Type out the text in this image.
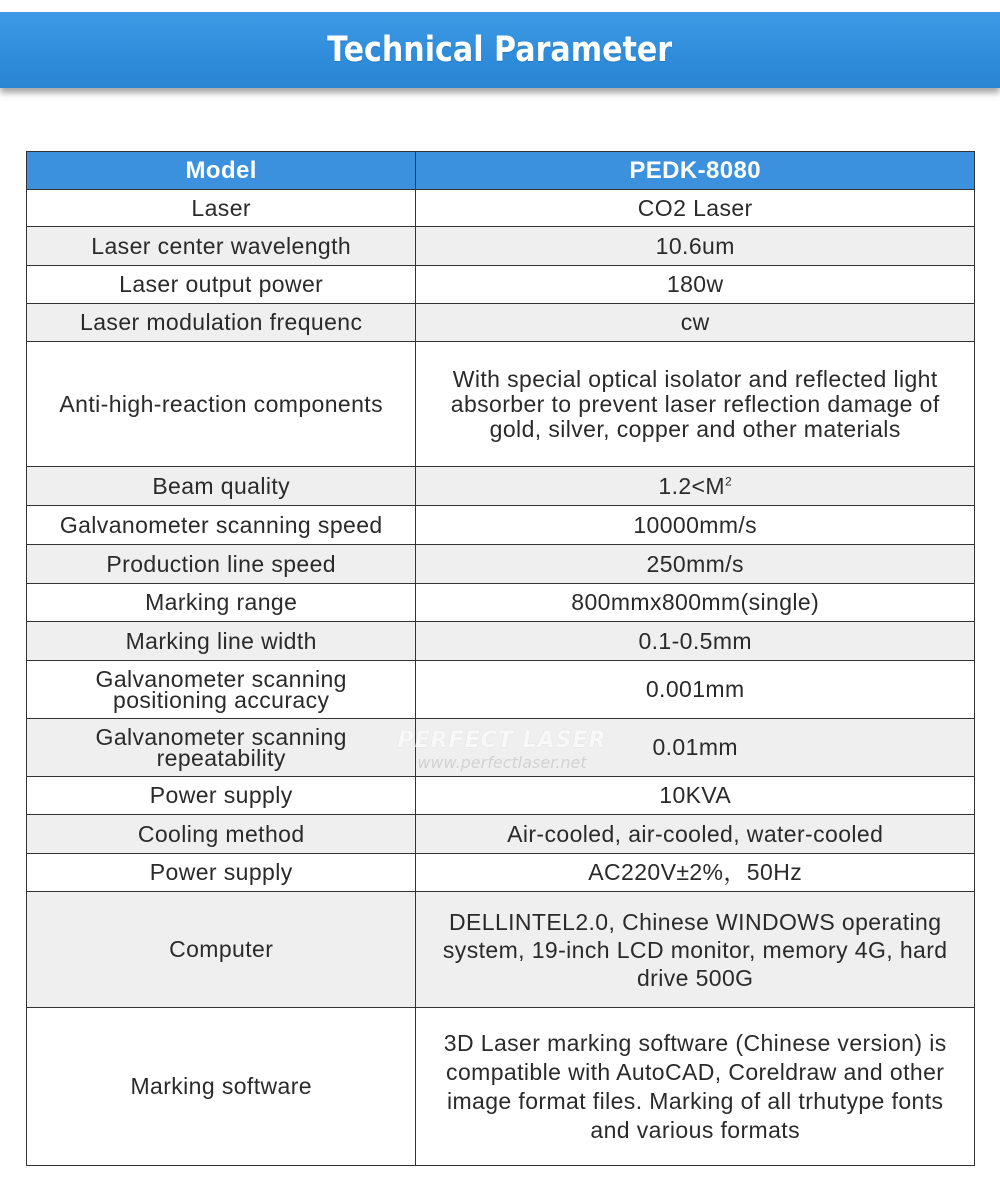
Technical Parameter
Model	PEDK-8080
Laser	CO2 Laser
Laser center wavelength	10.6um
Laser output power	180w
Laser modulation frequenc	cw
Anti-high-reaction components	With special optical isolator and reflected light absorber to prevent laser reflection damage of gold, silver, copper and other materials
Beam quality	$1.2<M^2$
Galvanometer scanning speed	10000mm/s
Production line speed	250mm/s
Marking range	800mmx800mm(single)
Marking line width	0.1-0.5mm
Galvanometer scanning positioning accuracy	0.001mm
Galvanometer scanning repeatability	0.01mm
Power supply	10KVA
Cooling method	Air-cooled, air-cooled, water-cooled
Power supply	AC220V±2%，50Hz
Computer	DELLINTEL2.0, Chinese WINDOWS operating system, 19-inch LCD monitor, memory 4G, hard drive 500G
Marking software	3D Laser marking software (Chinese version) is compatible with AutoCAD, Coreldraw and other image format files. Marking of all trhutype fonts and various formats
PERFECT LASER
www.perfectlaser.net
